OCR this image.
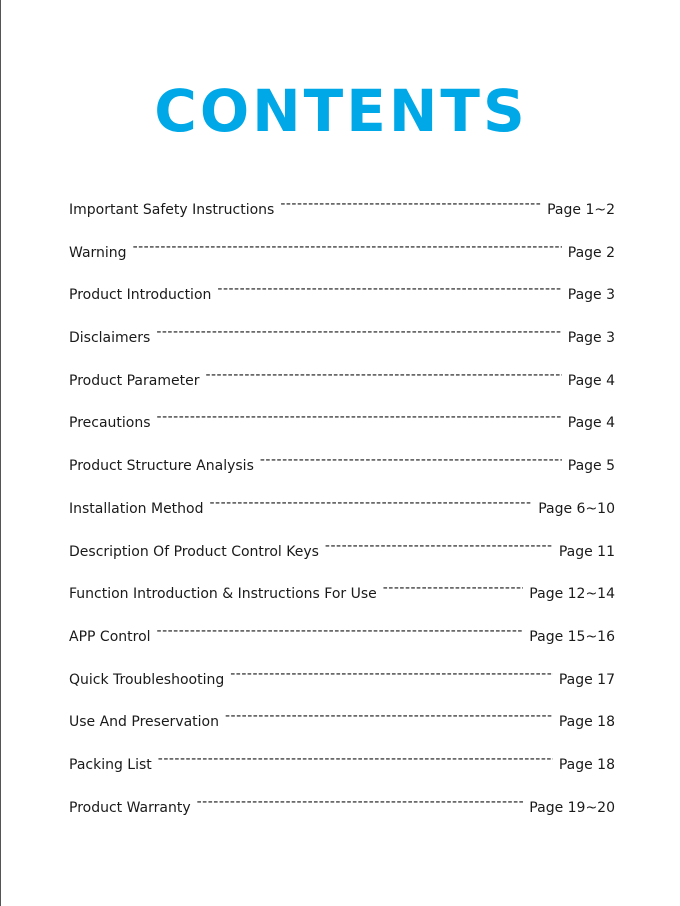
CONTENTS
Important Safety Instructions -----	Page 1~2
Warning -----	Page 2
Product Introduction -----	Page 3
Disclaimers -----	Page 3
Product Parameter -----	Page 4
Precautions -----	Page 4
Product Structure Analysis -----	Page 5
Installation Method -----	Page 6~10
Description Of Product Control Keys -----	Page 11
Function Introduction & Instructions For Use -----	Page 12~14
APP Control -----	Page 15~16
Quick Troubleshooting -----	Page 17
Use And Preservation -----	Page 18
Packing List -----	Page 18
Product Warranty -----	Page 19~20
